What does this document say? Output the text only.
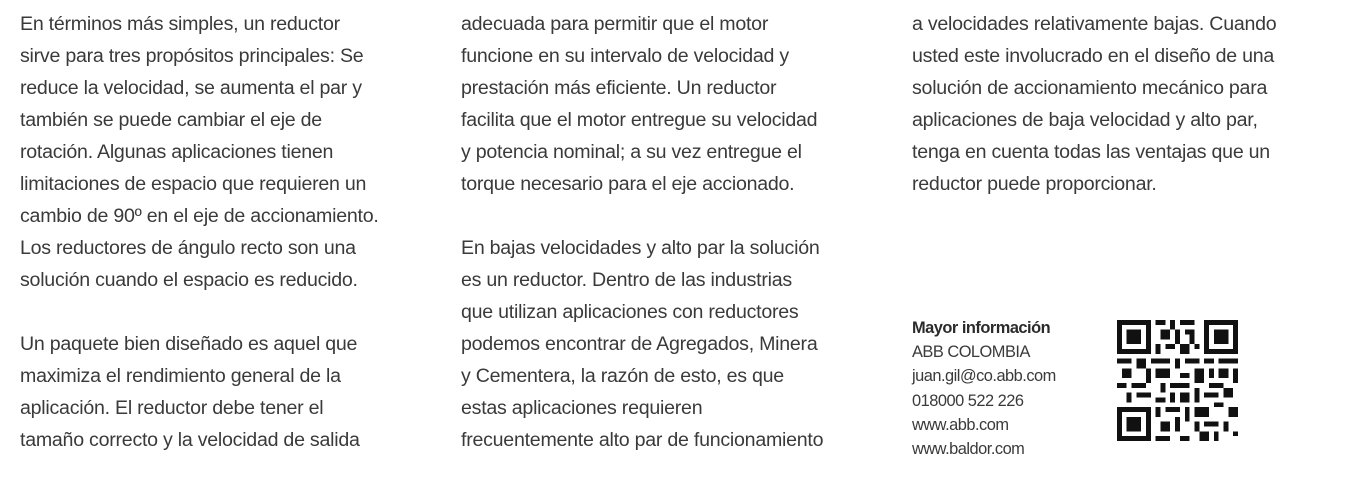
En términos más simples, un reductor
sirve para tres propósitos principales: Se
reduce la velocidad, se aumenta el par y
también se puede cambiar el eje de
rotación. Algunas aplicaciones tienen
limitaciones de espacio que requieren un
cambio de 90º en el eje de accionamiento.
Los reductores de ángulo recto son una
solución cuando el espacio es reducido.

Un paquete bien diseñado es aquel que
maximiza el rendimiento general de la
aplicación. El reductor debe tener el
tamaño correcto y la velocidad de salida

adecuada para permitir que el motor
funcione en su intervalo de velocidad y
prestación más eficiente. Un reductor
facilita que el motor entregue su velocidad
y potencia nominal; a su vez entregue el
torque necesario para el eje accionado.

En bajas velocidades y alto par la solución
es un reductor. Dentro de las industrias
que utilizan aplicaciones con reductores
podemos encontrar de Agregados, Minera
y Cementera, la razón de esto, es que
estas aplicaciones requieren
frecuentemente alto par de funcionamiento

a velocidades relativamente bajas. Cuando
usted este involucrado en el diseño de una
solución de accionamiento mecánico para
aplicaciones de baja velocidad y alto par,
tenga en cuenta todas las ventajas que un
reductor puede proporcionar.

Mayor información
ABB COLOMBIA
juan.gil@co.abb.com
018000 522 226
www.abb.com
www.baldor.com
